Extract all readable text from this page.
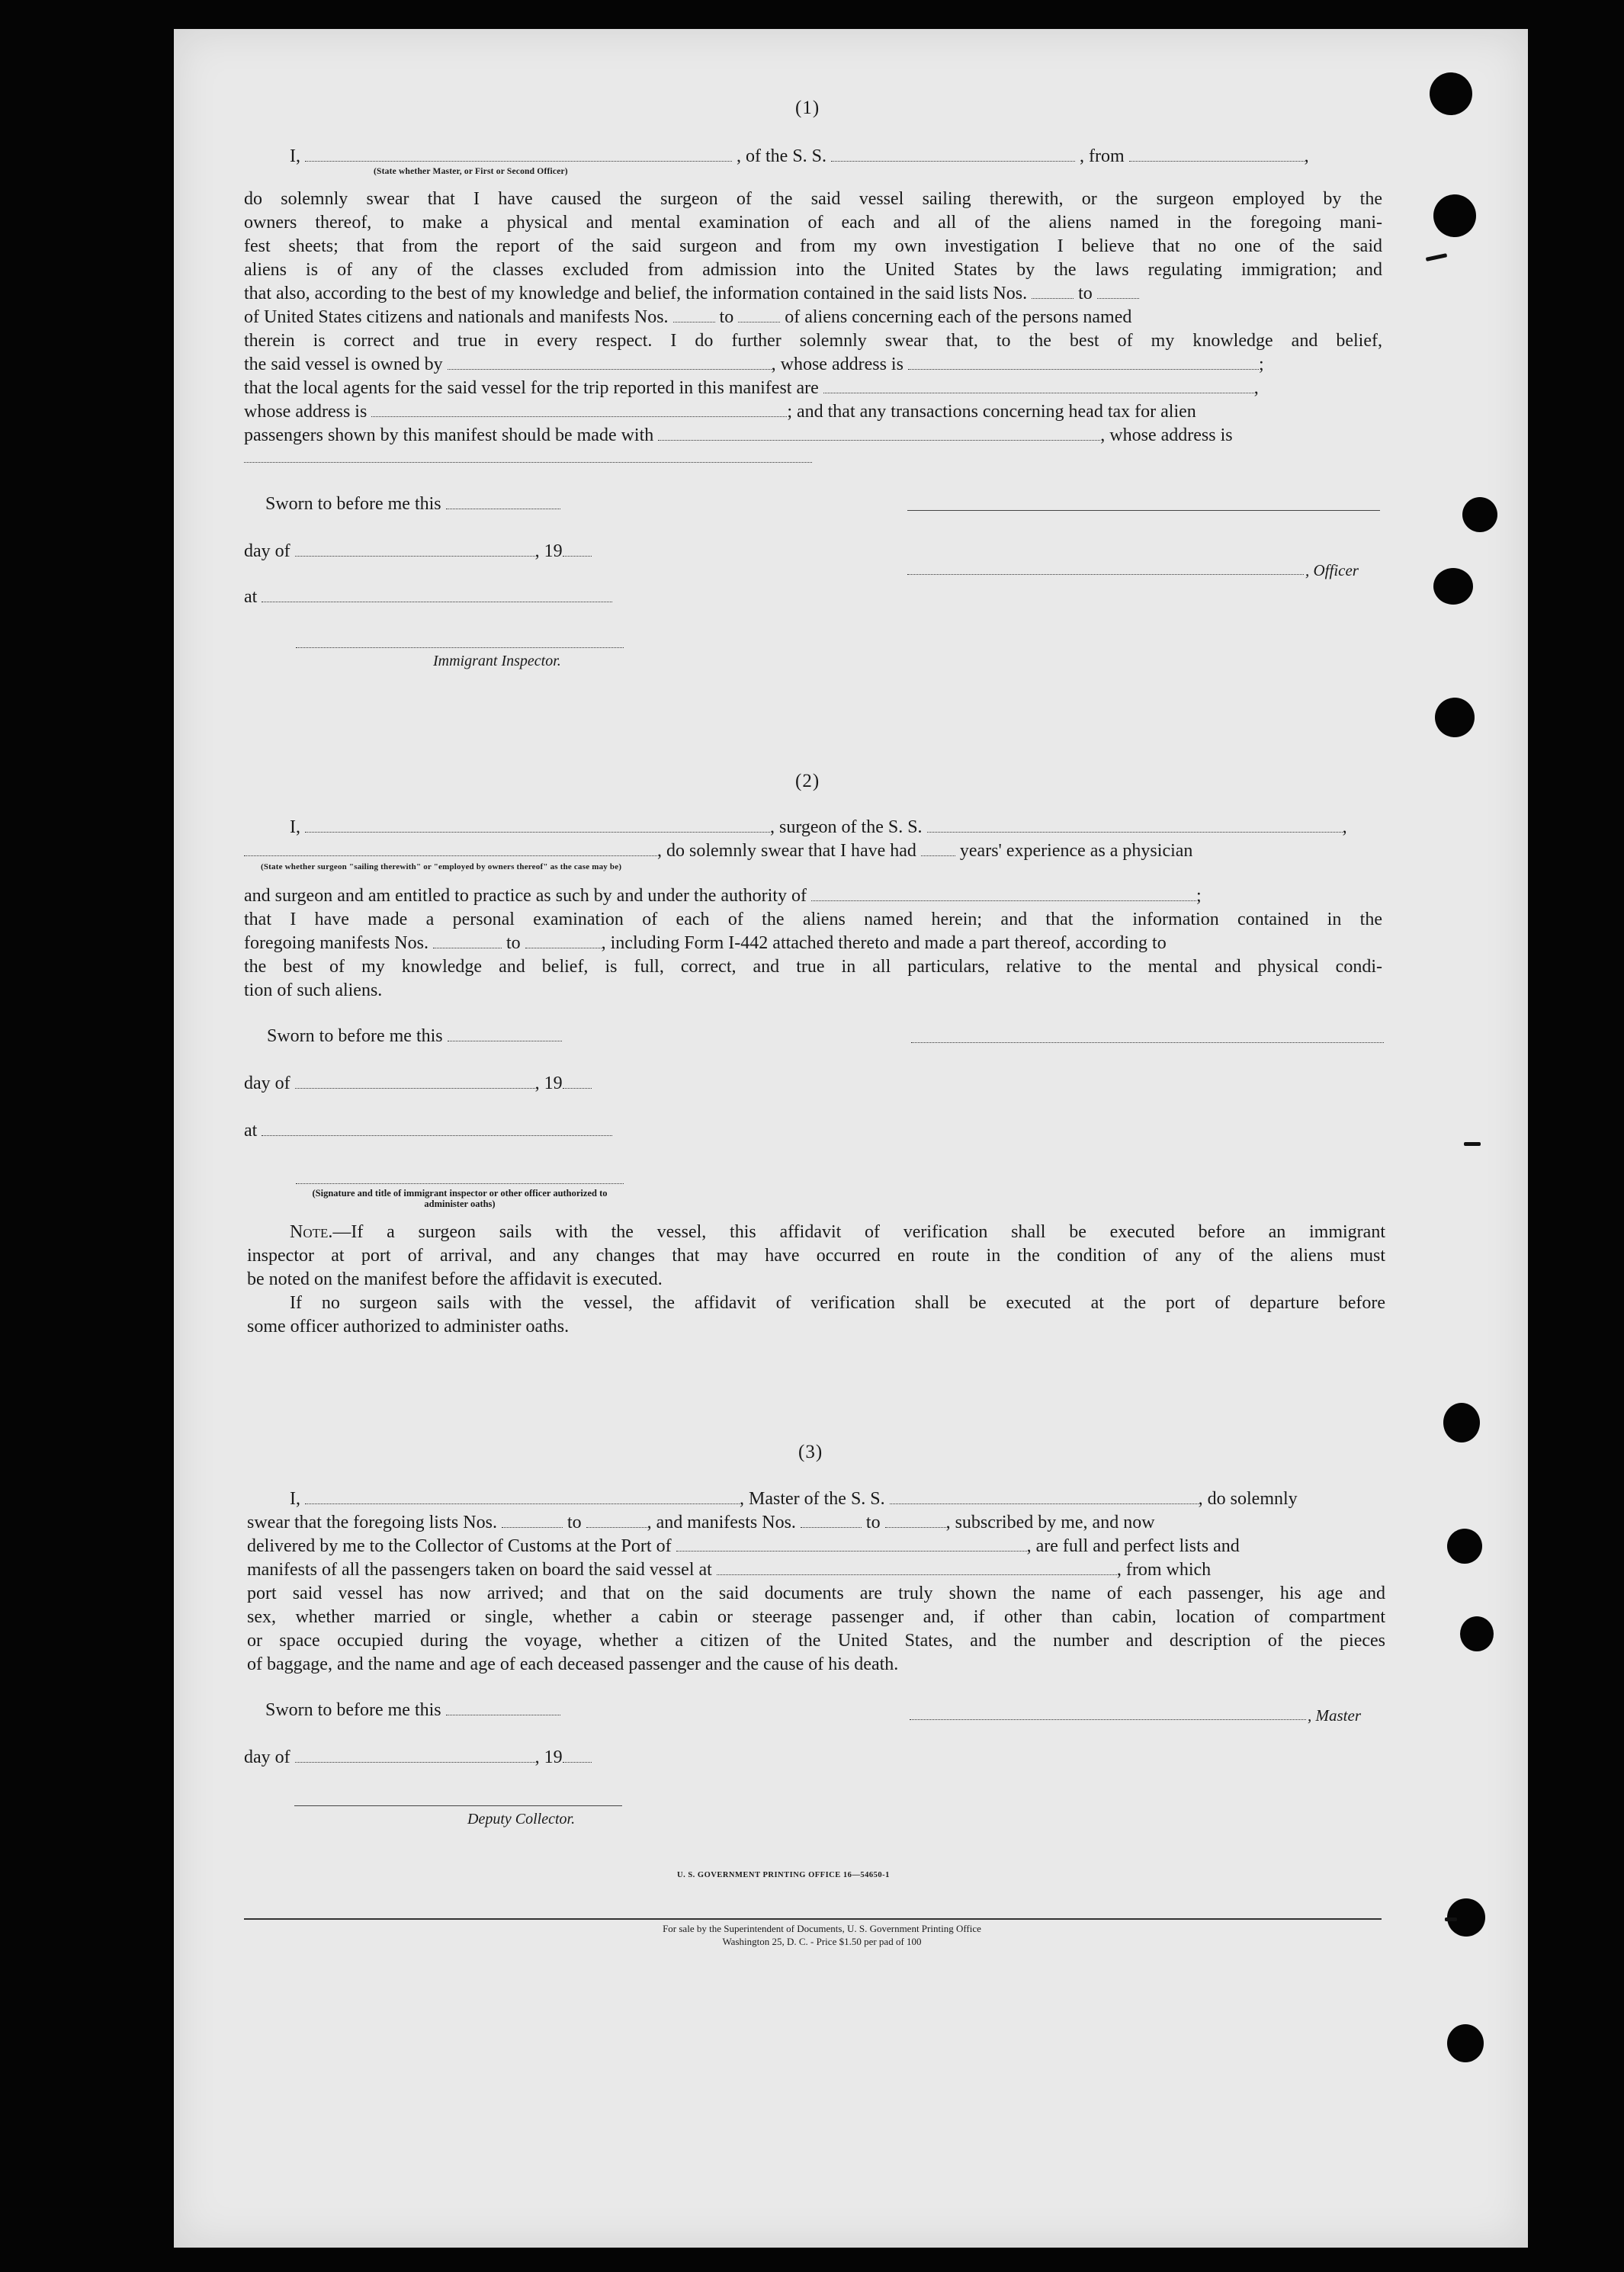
(1)
I,	, of the S. S.	, from	,
(State whether Master, or First or Second Officer)
do solemnly swear that I have caused the surgeon of the said vessel sailing therewith, or the surgeon employed by the
owners thereof, to make a physical and mental examination of each and all of the aliens named in the foregoing mani-
fest sheets; that from the report of the said surgeon and from my own investigation I believe that no one of the said
aliens is of any of the classes excluded from admission into the United States by the laws regulating immigration; and
that also, according to the best of my knowledge and belief, the information contained in the said lists Nos.	to
of United States citizens and nationals and manifests Nos.	to	of aliens concerning each of the persons named
therein is correct and true in every respect. I do further solemnly swear that, to the best of my knowledge and belief,
the said vessel is owned by	, whose address is	;
that the local agents for the said vessel for the trip reported in this manifest are	,
whose address is	; and that any transactions concerning head tax for alien
passengers shown by this manifest should be made with	, whose address is
Sworn to before me this
day of	, 19
, Officer
at
Immigrant Inspector.
(2)
I,	, surgeon of the S. S.	,
, do solemnly swear that I have had years' experience as a physician
(State whether surgeon "sailing therewith" or "employed by owners thereof" as the case may be)
and surgeon and am entitled to practice as such by and under the authority of	;
that I have made a personal examination of each of the aliens named herein; and that the information contained in the
foregoing manifests Nos.	to	, including Form I-442 attached thereto and made a part thereof, according to
the best of my knowledge and belief, is full, correct, and true in all particulars, relative to the mental and physical condi-
tion of such aliens.
Sworn to before me this
day of	, 19
at
(Signature and title of immigrant inspector or other officer authorized to administer oaths)
Note.—If a surgeon sails with the vessel, this affidavit of verification shall be executed before an immigrant
inspector at port of arrival, and any changes that may have occurred en route in the condition of any of the aliens must
be noted on the manifest before the affidavit is executed.
If no surgeon sails with the vessel, the affidavit of verification shall be executed at the port of departure before
some officer authorized to administer oaths.
(3)
I,	, Master of the S. S.	, do solemnly
swear that the foregoing lists Nos.	to	, and manifests Nos.	to	, subscribed by me, and now
delivered by me to the Collector of Customs at the Port of	, are full and perfect lists and
manifests of all the passengers taken on board the said vessel at	, from which
port said vessel has now arrived; and that on the said documents are truly shown the name of each passenger, his age and
sex, whether married or single, whether a cabin or steerage passenger and, if other than cabin, location of compartment
or space occupied during the voyage, whether a citizen of the United States, and the number and description of the pieces
of baggage, and the name and age of each deceased passenger and the cause of his death.
Sworn to before me this	, Master
day of	, 19
Deputy Collector.
U. S. GOVERNMENT PRINTING OFFICE 16—54650-1
For sale by the Superintendent of Documents, U. S. Government Printing Office
Washington 25, D. C. - Price $1.50 per pad of 100
